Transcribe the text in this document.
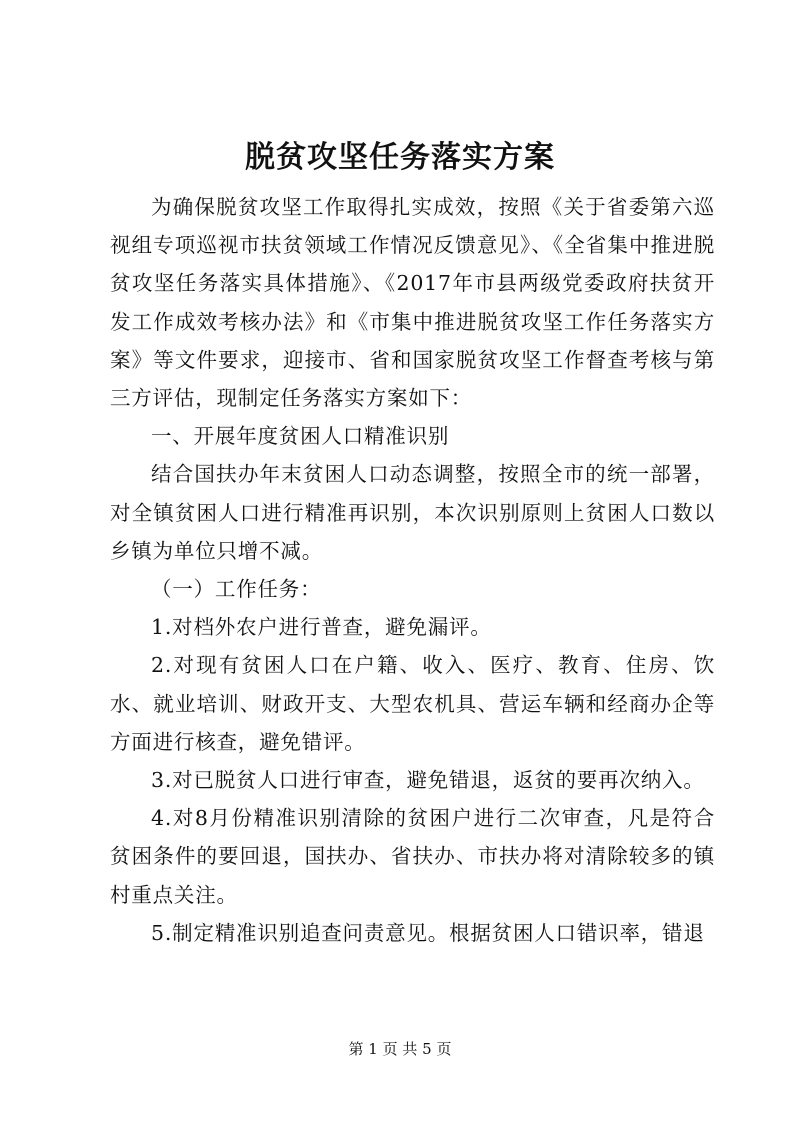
脱贫攻坚任务落实方案

为确保脱贫攻坚工作取得扎实成效，按照《关于省委第六巡视组专项巡视市扶贫领域工作情况反馈意见》、《全省集中推进脱贫攻坚任务落实具体措施》、《2017年市县两级党委政府扶贫开发工作成效考核办法》和《市集中推进脱贫攻坚工作任务落实方案》等文件要求，迎接市、省和国家脱贫攻坚工作督查考核与第三方评估，现制定任务落实方案如下：

一、开展年度贫困人口精准识别

结合国扶办年末贫困人口动态调整，按照全市的统一部署，对全镇贫困人口进行精准再识别，本次识别原则上贫困人口数以乡镇为单位只增不减。

（一）工作任务：

1.对档外农户进行普查，避免漏评。

2.对现有贫困人口在户籍、收入、医疗、教育、住房、饮水、就业培训、财政开支、大型农机具、营运车辆和经商办企等方面进行核查，避免错评。

3.对已脱贫人口进行审查，避免错退，返贫的要再次纳入。

4.对8月份精准识别清除的贫困户进行二次审查，凡是符合贫困条件的要回退，国扶办、省扶办、市扶办将对清除较多的镇村重点关注。

5.制定精准识别追查问责意见。根据贫困人口错识率，错退

第 1 页 共 5 页
